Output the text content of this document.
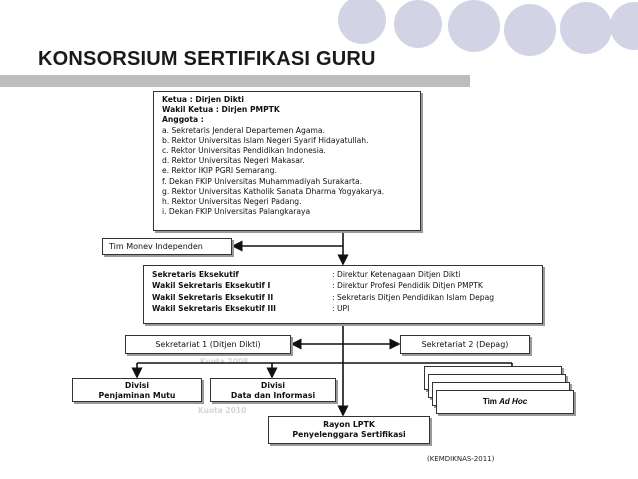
KONSORSIUM SERTIFIKASI GURU
Kuota 2008
Kuota 2010
Ketua : Dirjen Dikti
Wakil Ketua : Dirjen PMPTK
Anggota :
a. Sekretaris Jenderal Departemen Agama.
b. Rektor Universitas Islam Negeri Syarif Hidayatullah.
c. Rektor Universitas Pendidikan Indonesia.
d. Rektor Universitas Negeri Makasar.
e. Rektor IKIP PGRI Semarang.
f. Dekan FKIP Universitas Muhammadiyah Surakarta.
g. Rektor Universitas Katholik Sanata Dharma Yogyakarya.
h. Rektor Universitas Negeri Padang.
i. Dekan FKIP Universitas Palangkaraya
Tim Monev Independen
Sekretaris Eksekutif	: Direktur Ketenagaan Ditjen Dikti
Wakil Sekretaris Eksekutif I	: Direktur Profesi Pendidik Ditjen PMPTK
Wakil Sekretaris Eksekutif II	: Sekretaris Ditjen Pendidikan Islam Depag
Wakil Sekretaris Eksekutif III	: UPI
Sekretariat 1 (Ditjen Dikti)	Sekretariat 2 (Depag)
Divisi
Penjaminan Mutu
Divisi
Data dan Informasi
Tim Ad Hoc
Rayon LPTK
Penyelenggara Sertifikasi
(KEMDIKNAS-2011)
